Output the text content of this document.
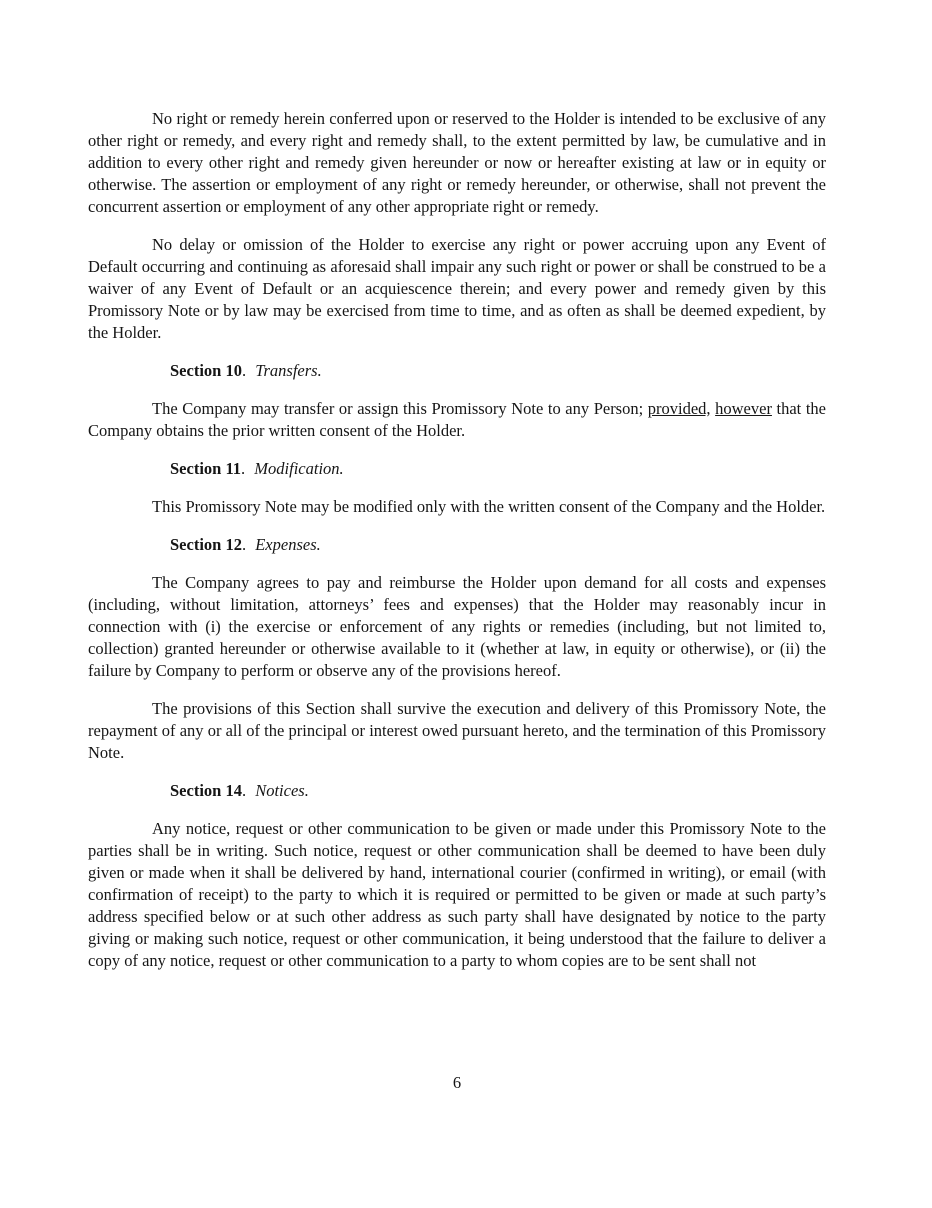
No right or remedy herein conferred upon or reserved to the Holder is intended to be exclusive of any other right or remedy, and every right and remedy shall, to the extent permitted by law, be cumulative and in addition to every other right and remedy given hereunder or now or hereafter existing at law or in equity or otherwise. The assertion or employment of any right or remedy hereunder, or otherwise, shall not prevent the concurrent assertion or employment of any other appropriate right or remedy.

No delay or omission of the Holder to exercise any right or power accruing upon any Event of Default occurring and continuing as aforesaid shall impair any such right or power or shall be construed to be a waiver of any Event of Default or an acquiescence therein; and every power and remedy given by this Promissory Note or by law may be exercised from time to time, and as often as shall be deemed expedient, by the Holder.

Section 10. Transfers.

The Company may transfer or assign this Promissory Note to any Person; provided, however that the Company obtains the prior written consent of the Holder.

Section 11. Modification.

This Promissory Note may be modified only with the written consent of the Company and the Holder.

Section 12. Expenses.

The Company agrees to pay and reimburse the Holder upon demand for all costs and expenses (including, without limitation, attorneys’ fees and expenses) that the Holder may reasonably incur in connection with (i) the exercise or enforcement of any rights or remedies (including, but not limited to, collection) granted hereunder or otherwise available to it (whether at law, in equity or otherwise), or (ii) the failure by Company to perform or observe any of the provisions hereof.

The provisions of this Section shall survive the execution and delivery of this Promissory Note, the repayment of any or all of the principal or interest owed pursuant hereto, and the termination of this Promissory Note.

Section 14. Notices.

Any notice, request or other communication to be given or made under this Promissory Note to the parties shall be in writing. Such notice, request or other communication shall be deemed to have been duly given or made when it shall be delivered by hand, international courier (confirmed in writing), or email (with confirmation of receipt) to the party to which it is required or permitted to be given or made at such party’s address specified below or at such other address as such party shall have designated by notice to the party giving or making such notice, request or other communication, it being understood that the failure to deliver a copy of any notice, request or other communication to a party to whom copies are to be sent shall not

6
